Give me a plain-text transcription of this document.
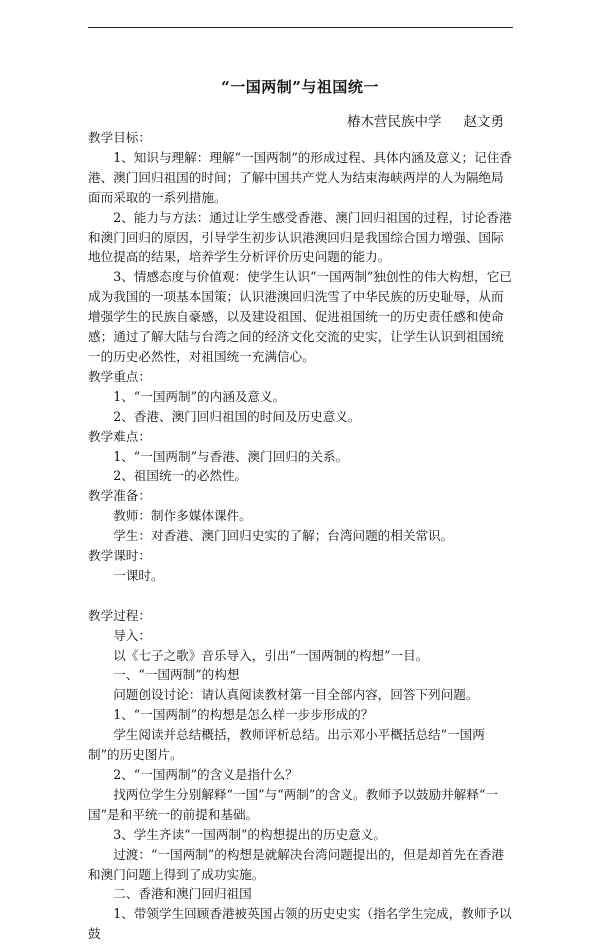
“一国两制”与祖国统一
椿木营民族中学 赵文勇

教学目标：

1、知识与理解：理解“一国两制”的形成过程、具体内涵及意义；记住香港、澳门回归祖国的时间；了解中国共产党人为结束海峡两岸的人为隔绝局面而采取的一系列措施。

2、能力与方法：通过让学生感受香港、澳门回归祖国的过程，讨论香港和澳门回归的原因，引导学生初步认识港澳回归是我国综合国力增强、国际地位提高的结果，培养学生分析评价历史问题的能力。

3、情感态度与价值观：使学生认识“一国两制”独创性的伟大构想，它已成为我国的一项基本国策；认识港澳回归洗雪了中华民族的历史耻辱，从而增强学生的民族自豪感，以及建设祖国、促进祖国统一的历史责任感和使命感；通过了解大陆与台湾之间的经济文化交流的史实，让学生认识到祖国统一的历史必然性，对祖国统一充满信心。

教学重点：

1、“一国两制”的内涵及意义。

2、香港、澳门回归祖国的时间及历史意义。

教学难点：

1、“一国两制”与香港、澳门回归的关系。

2、祖国统一的必然性。

教学准备：

教师：制作多媒体课件。

学生：对香港、澳门回归史实的了解；台湾问题的相关常识。

教学课时：

一课时。

教学过程：

导入：

以《七子之歌》音乐导入，引出“一国两制的构想”一目。

一、“一国两制”的构想

问题创设讨论：请认真阅读教材第一目全部内容，回答下列问题。

1、“一国两制”的构想是怎么样一步步形成的？

学生阅读并总结概括，教师评析总结。出示邓小平概括总结“一国两制”的历史图片。

2、“一国两制”的含义是指什么？

找两位学生分别解释“一国”与“两制”的含义。教师予以鼓励并解释“一国”是和平统一的前提和基础。

3、学生齐读“一国两制”的构想提出的历史意义。

过渡：“一国两制”的构想是就解决台湾问题提出的，但是却首先在香港和澳门问题上得到了成功实施。

二、香港和澳门回归祖国

1、带领学生回顾香港被英国占领的历史史实（指名学生完成，教师予以鼓
